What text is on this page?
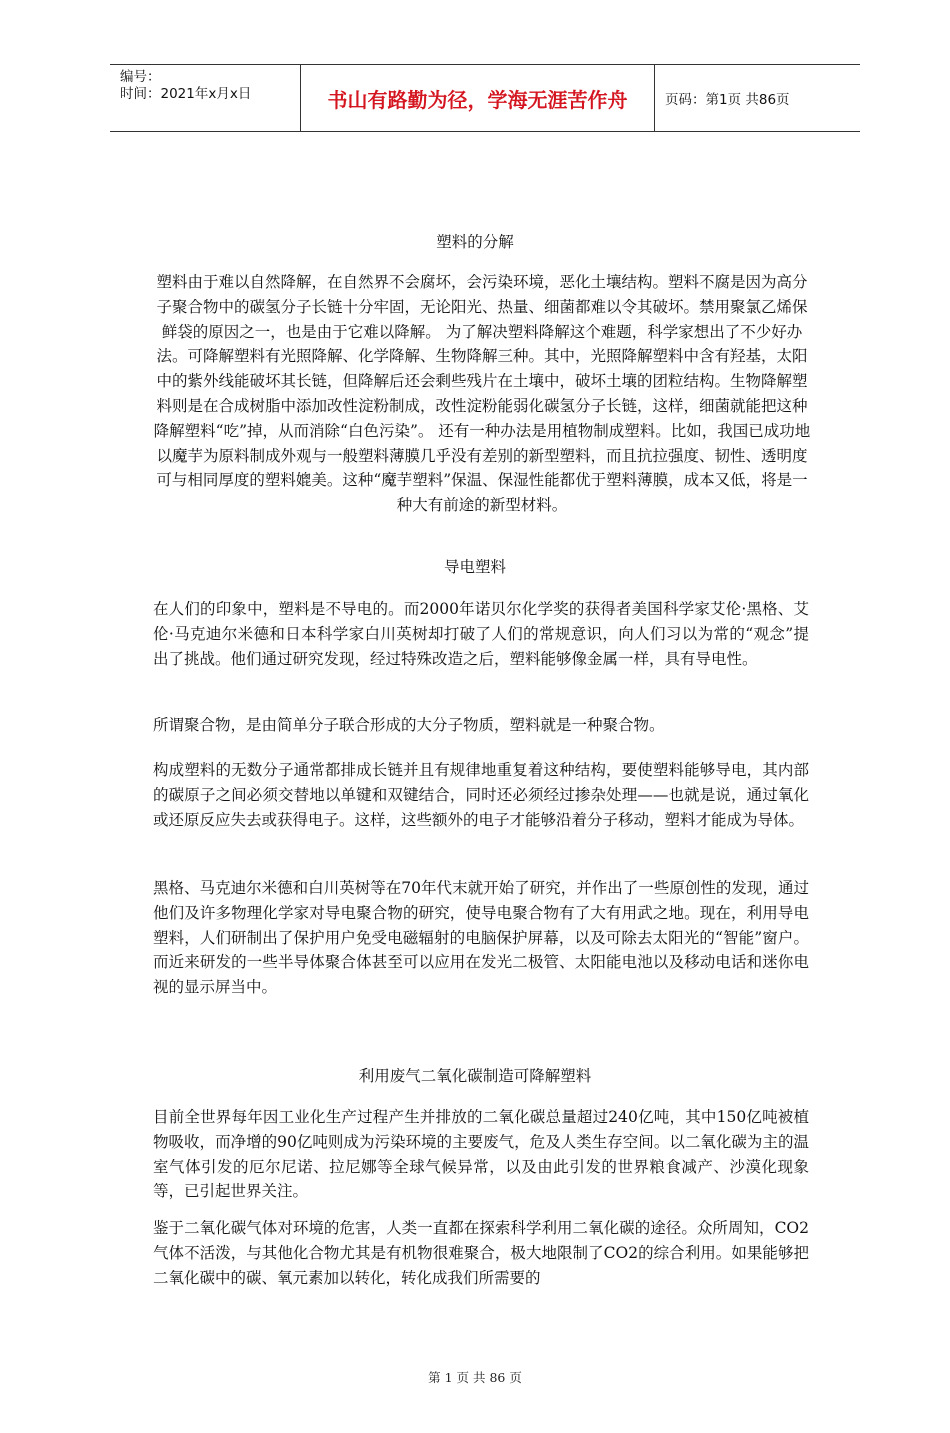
编号：
时间：2021年x月x日	书山有路勤为径，学海无涯苦作舟	页码：第1页 共86页
塑料的分解

塑料由于难以自然降解，在自然界不会腐坏，会污染环境，恶化土壤结构。塑料不腐是因为高分子聚合物中的碳氢分子长链十分牢固，无论阳光、热量、细菌都难以令其破坏。禁用聚氯乙烯保鲜袋的原因之一，也是由于它难以降解。 为了解决塑料降解这个难题，科学家想出了不少好办法。可降解塑料有光照降解、化学降解、生物降解三种。其中，光照降解塑料中含有羟基，太阳中的紫外线能破坏其长链，但降解后还会剩些残片在土壤中，破坏土壤的团粒结构。生物降解塑料则是在合成树脂中添加改性淀粉制成，改性淀粉能弱化碳氢分子长链，这样，细菌就能把这种降解塑料“吃”掉，从而消除“白色污染”。 还有一种办法是用植物制成塑料。比如，我国已成功地以魔芋为原料制成外观与一般塑料薄膜几乎没有差别的新型塑料，而且抗拉强度、韧性、透明度可与相同厚度的塑料媲美。这种“魔芋塑料”保温、保湿性能都优于塑料薄膜，成本又低，将是一种大有前途的新型材料。

导电塑料

在人们的印象中，塑料是不导电的。而2000年诺贝尔化学奖的获得者美国科学家艾伦·黑格、艾伦·马克迪尔米德和日本科学家白川英树却打破了人们的常规意识，向人们习以为常的“观念”提出了挑战。他们通过研究发现，经过特殊改造之后，塑料能够像金属一样，具有导电性。

所谓聚合物，是由简单分子联合形成的大分子物质，塑料就是一种聚合物。

构成塑料的无数分子通常都排成长链并且有规律地重复着这种结构，要使塑料能够导电，其内部的碳原子之间必须交替地以单键和双键结合，同时还必须经过掺杂处理——也就是说，通过氧化或还原反应失去或获得电子。这样，这些额外的电子才能够沿着分子移动，塑料才能成为导体。

黑格、马克迪尔米德和白川英树等在70年代末就开始了研究，并作出了一些原创性的发现，通过他们及许多物理化学家对导电聚合物的研究，使导电聚合物有了大有用武之地。现在，利用导电塑料，人们研制出了保护用户免受电磁辐射的电脑保护屏幕，以及可除去太阳光的“智能”窗户。而近来研发的一些半导体聚合体甚至可以应用在发光二极管、太阳能电池以及移动电话和迷你电视的显示屏当中。

利用废气二氧化碳制造可降解塑料

目前全世界每年因工业化生产过程产生并排放的二氧化碳总量超过240亿吨，其中150亿吨被植物吸收，而净增的90亿吨则成为污染环境的主要废气，危及人类生存空间。以二氧化碳为主的温室气体引发的厄尔尼诺、拉尼娜等全球气候异常，以及由此引发的世界粮食减产、沙漠化现象等，已引起世界关注。

鉴于二氧化碳气体对环境的危害，人类一直都在探索科学利用二氧化碳的途径。众所周知，CO2气体不活泼，与其他化合物尤其是有机物很难聚合，极大地限制了CO2的综合利用。如果能够把二氧化碳中的碳、氧元素加以转化，转化成我们所需要的

第 1 页 共 86 页
